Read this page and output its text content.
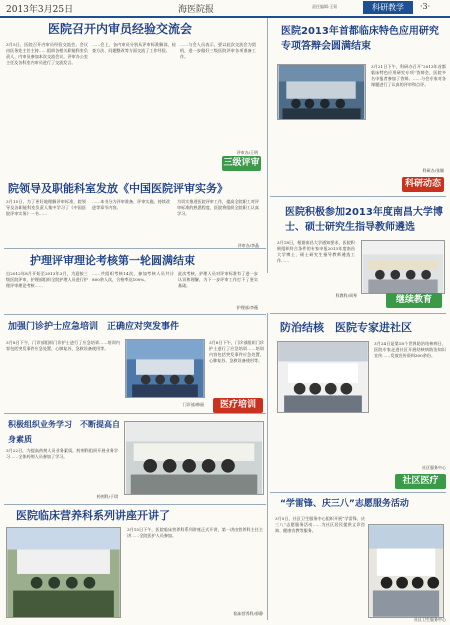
2013年3月25日	海医院报	责任编辑:王姮	科研教学	·3·
医院召开内审员经验交流会
3月5日，医院召开内审员经验交流会。会议由医务处主任主持……组织各相关职能科室负责人、内审员参加本次交流会议，评审办公室主任及各科室内审员进行了交流发言。
……会上，各内审员分别从评审标准解读、检查方法、问题整改等方面交流了工作经验。
……与会人员表示，要以此次交流会为契机，进一步做好三级医院评审各项准备工作。
评审办/王明
三级评审
医院2013年首都临床特色应用研究专项答辩会圆满结束
3月21日下午，科研办召开“2013年首都临床特色应用研究专项”答辩会，医院多名申报者参加了答辩。……与会专家对各课题进行了认真的评审和点评。
科研办/张颖
科研动态
院领导及职能科室发放《中国医院评审实务》
3月15日，为了更好地理解评审标准，院领导及各职能科室负责人集中学习了《中国医院评审实务》一书……
……本书分为评审准备、评审实施、持续改进等章节内容。
为切实推进医院评审工作，提高全院职工对评审标准的熟悉程度，医院将组织全院职工认真学习。
评审办/李晶
医院积极参加2013年度南昌大学博士、硕士研究生指导教师遴选
3月18日，根据南昌大学通知要求，医院积极组织符合条件的专家申报2013年度南昌大学博士、硕士研究生指导教师遴选工作……
科教科/周琴	继续教育
护理评审理论考核第一轮圆满结束
自2012年8月开始至2013年3月，为迎接三级医院评审，护理部组织全院护理人员进行护理评审理论考核……
……共组织考核14次，参加考核人员共计800余人次，合格率达100%。
此次考核，护理人员对评审标准有了进一步认识和理解，为下一步评审工作打下了坚实基础。
护理部/李薇
加强门诊护士应急培训　正确应对突发事件
3月8日下午，门诊部组织门诊护士进行了应急培训……培训内容包括突发事件应急处置、心肺复苏、急救设备使用等。
3月8日下午，门诊部组织门诊护士进行了应急培训……培训内容包括突发事件应急处置、心肺复苏、急救设备使用等。
门诊部/韩丽	医疗培训
积极组织业务学习　不断提高自身素质
3月22日，为提高药剂人员业务素质，药剂科组织开展业务学习……全体药剂人员参加了学习。
药剂科/于琪
医院临床营养科系列讲座开讲了
3月15日下午，医院临床营养科系列讲座正式开讲，第一讲由营养科主任主讲……全院医护人员参加。
临床营养科/郭静
防治结核　医院专家进社区
3月24日是第18个世界防治结核病日，医院专家走进社区开展结核病防治知识宣传……发放宣传资料300余份。
社区服务中心
社区医疗
“学雷锋、庆三八”志愿服务活动
3月5日，社区卫生服务中心组织开展“学雷锋、庆三八”志愿服务活动……为社区居民提供义诊咨询、健康宣教等服务。
社区卫生服务中心
